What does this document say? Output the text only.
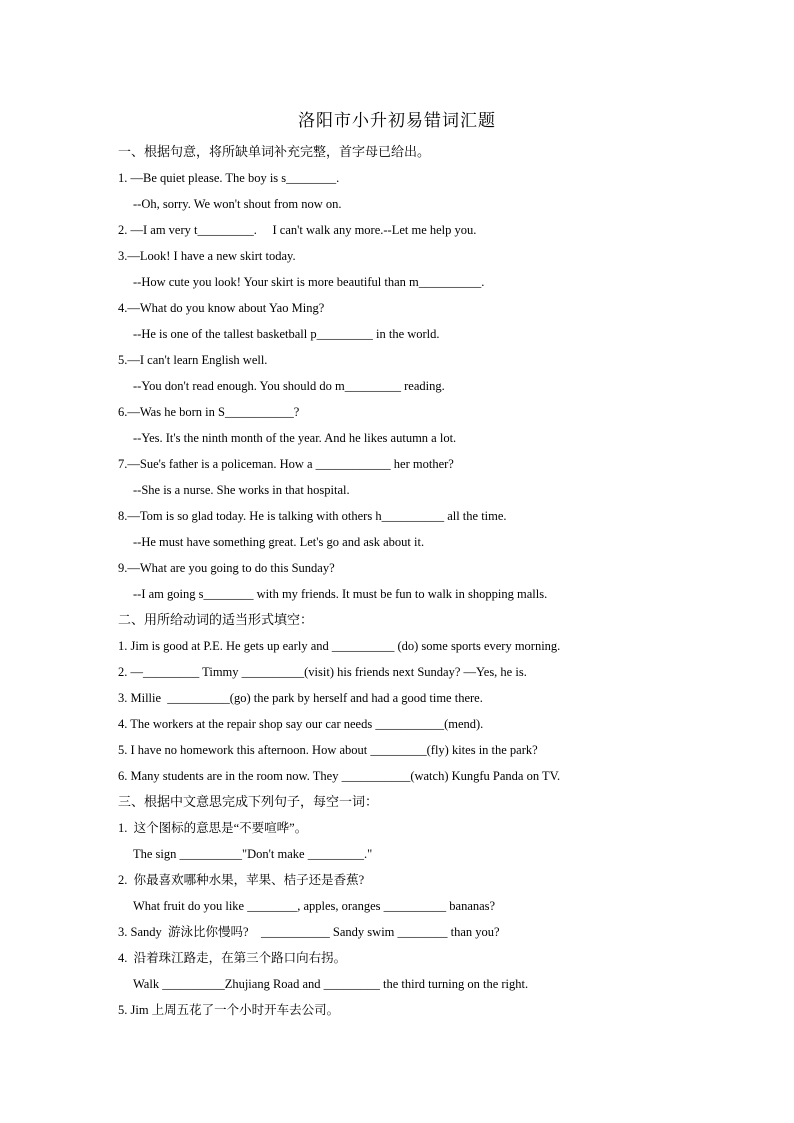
洛阳市小升初易错词汇题
一、根据句意，将所缺单词补充完整，首字母已给出。
1. —Be quiet please. The boy is s________.
--Oh, sorry. We won't shout from now on.
2. —I am very t_________.     I can't walk any more.--Let me help you.
3.—Look! I have a new skirt today.
--How cute you look! Your skirt is more beautiful than m__________.
4.—What do you know about Yao Ming?
--He is one of the tallest basketball p_________ in the world.
5.—I can't learn English well.
--You don't read enough. You should do m_________ reading.
6.—Was he born in S___________?
--Yes. It's the ninth month of the year. And he likes autumn a lot.
7.—Sue's father is a policeman. How a ____________ her mother?
--She is a nurse. She works in that hospital.
8.—Tom is so glad today. He is talking with others h__________ all the time.
--He must have something great. Let's go and ask about it.
9.—What are you going to do this Sunday?
--I am going s________ with my friends. It must be fun to walk in shopping malls.
二、用所给动词的适当形式填空：
1. Jim is good at P.E. He gets up early and __________ (do) some sports every morning.
2. —_________ Timmy __________(visit) his friends next Sunday? —Yes, he is.
3. Millie  __________(go) the park by herself and had a good time there.
4. The workers at the repair shop say our car needs ___________(mend).
5. I have no homework this afternoon. How about _________(fly) kites in the park?
6. Many students are in the room now. They ___________(watch) Kungfu Panda on TV.
三、根据中文意思完成下列句子，每空一词：
1.  这个图标的意思是“不要喧哗”。
The sign __________"Don't make _________."
2.  你最喜欢哪种水果，苹果、桔子还是香蕉?
What fruit do you like ________, apples, oranges __________ bananas?
3. Sandy  游泳比你慢吗?    ___________ Sandy swim ________ than you?
4.  沿着珠江路走，在第三个路口向右拐。
Walk __________Zhujiang Road and _________ the third turning on the right.
5. Jim 上周五花了一个小时开车去公司。
